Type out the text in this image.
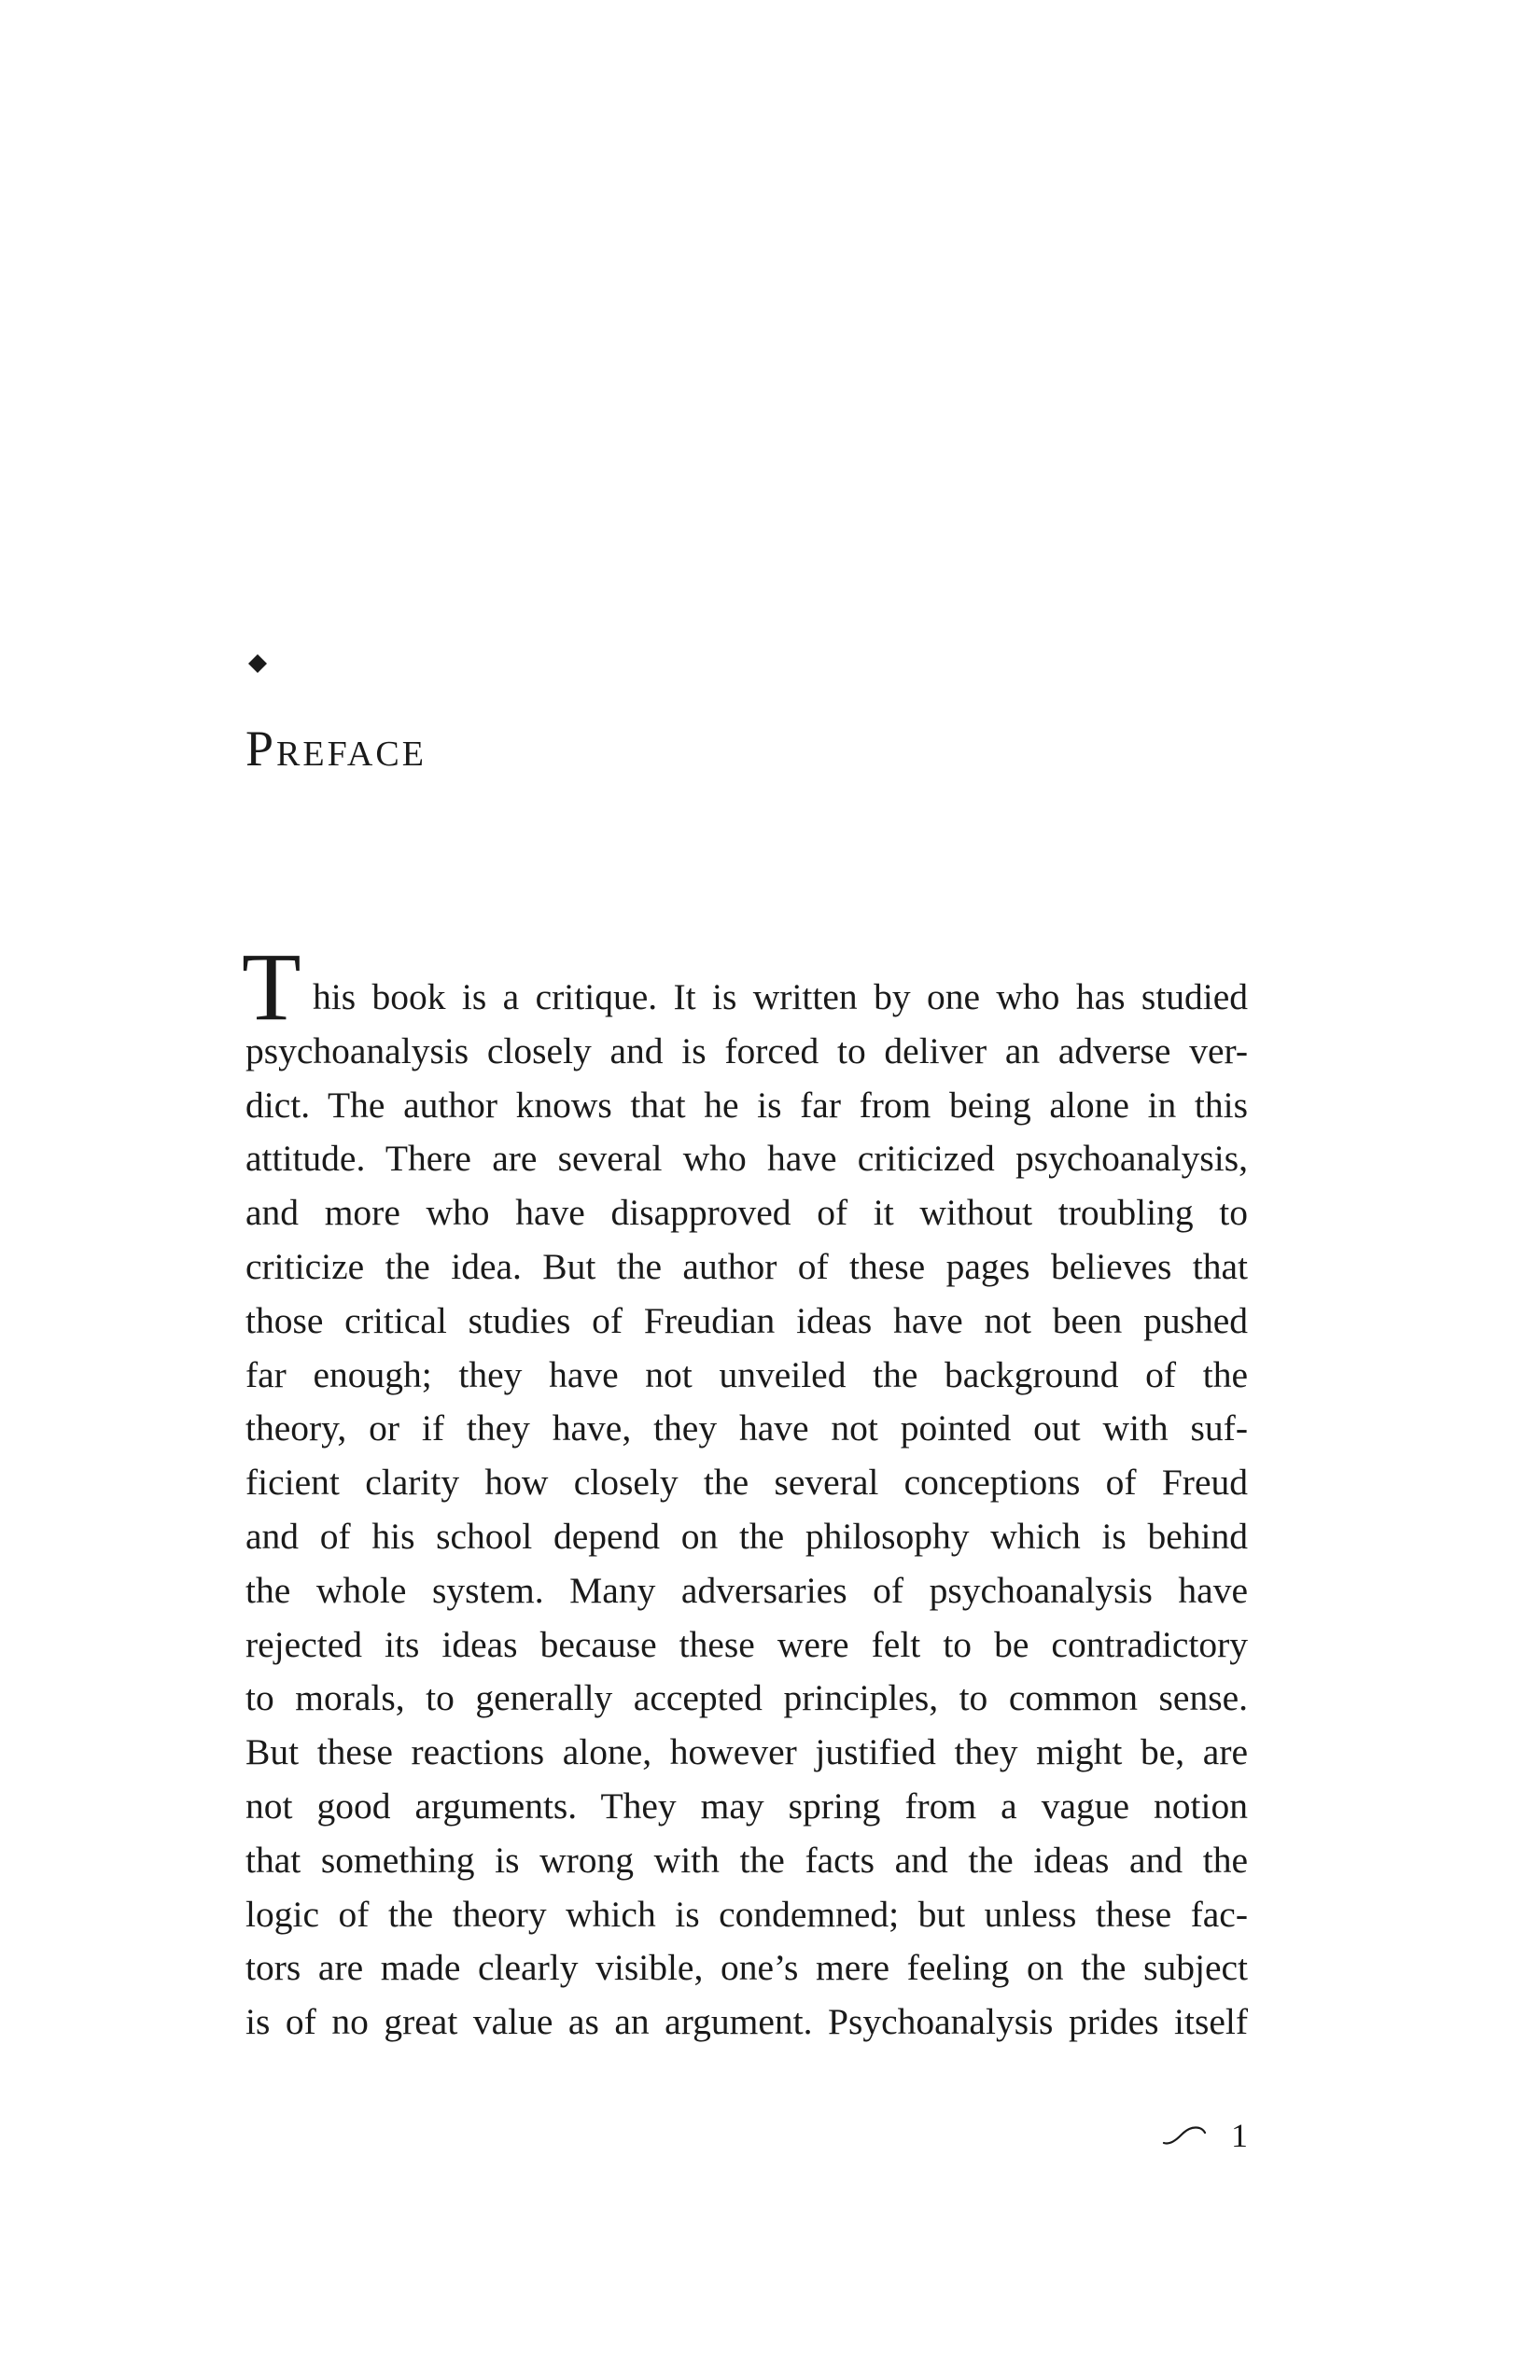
Preface
T his book is a critique. It is written by one who has studied
psychoanalysis closely and is forced to deliver an adverse ver-
dict. The author knows that he is far from being alone in this
attitude. There are several who have criticized psychoanalysis,
and more who have disapproved of it without troubling to
criticize the idea. But the author of these pages believes that
those critical studies of Freudian ideas have not been pushed
far enough; they have not unveiled the background of the
theory, or if they have, they have not pointed out with suf-
ficient clarity how closely the several conceptions of Freud
and of his school depend on the philosophy which is behind
the whole system. Many adversaries of psychoanalysis have
rejected its ideas because these were felt to be contradictory
to morals, to generally accepted principles, to common sense.
But these reactions alone, however justified they might be, are
not good arguments. They may spring from a vague notion
that something is wrong with the facts and the ideas and the
logic of the theory which is condemned; but unless these fac-
tors are made clearly visible, one’s mere feeling on the subject
is of no great value as an argument. Psychoanalysis prides itself
1
